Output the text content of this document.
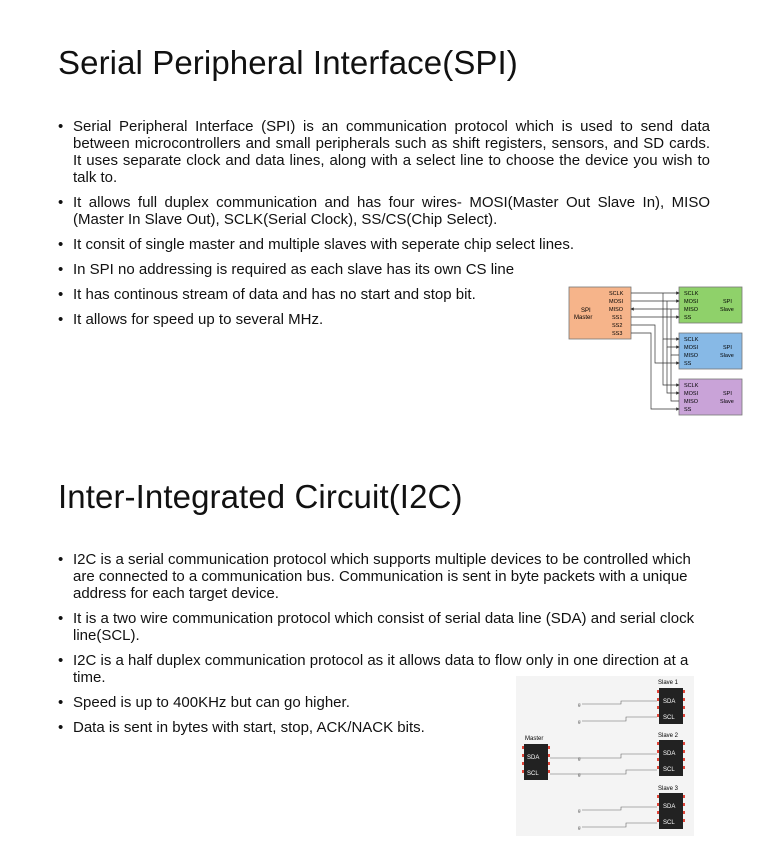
Serial Peripheral Interface(SPI)
• Serial Peripheral Interface (SPI) is an communication protocol which is used to send data between microcontrollers and small peripherals such as shift registers, sensors, and SD cards. It uses separate clock and data lines, along with a select line to choose the device you wish to talk to.
• It allows full duplex communication and has four wires- MOSI(Master Out Slave In), MISO (Master In Slave Out), SCLK(Serial Clock), SS/CS(Chip Select).
• It consit of single master and multiple slaves with seperate chip select lines.
• In SPI no addressing is required as each slave has its own CS line
• It has continous stream of data and has no start and stop bit.
• It allows for speed up to several MHz.	SPI
Master
SCLK
MOSI
MISO
SS1
SS2
SS3
SCLK
MOSI
MISO
SS
SPI
Slave
SCLK
MOSI
MISO
SS
SPI
Slave
SCLK
MOSI
MISO
SS
SPI
Slave
Inter-Integrated Circuit(I2C)
• I2C is a serial communication protocol which supports multiple devices to be controlled which are connected to a communication bus. Communication is sent in byte packets with a unique address for each target device.
• It is a two wire communication protocol which consist of serial data line (SDA) and serial clock line(SCL).
• I2C is a half duplex communication protocol as it allows data to flow only in one direction at a time.
• Speed is up to 400KHz but can go higher.
• Data is sent in bytes with start, stop, ACK/NACK bits.
Slave 1
Slave 2
Slave 3
Master
SDA
SCL
SDA
SCL
SDA
SCL
SDA
SCL
g
g
g
g
g
g
